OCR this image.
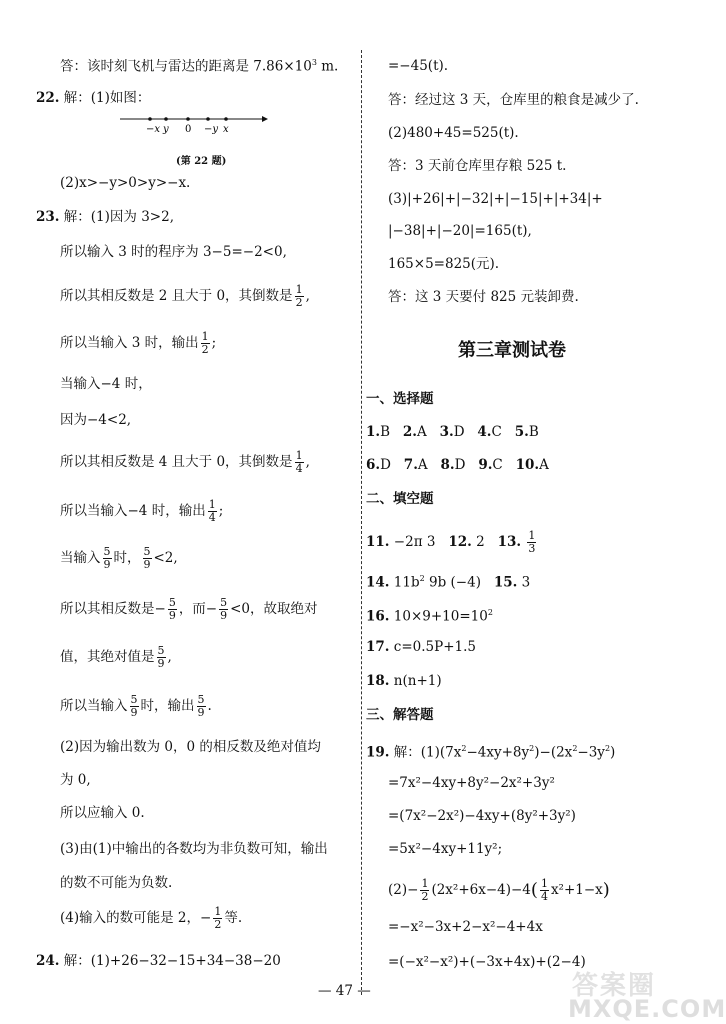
答：该时刻飞机与雷达的距离是 $7.86\times 10^3$ m.
22. 解：(1)如图：
−x y 0 −y x
(第 22 题)
(2)x>−y>0>y>−x.
23. 解：(1)因为 3>2,
所以输入 3 时的程序为 3−5=−2<0,
所以其相反数是 2 且大于 0，其倒数是 $\frac{1}{2}$ ,
所以当输入 3 时，输出 $\frac{1}{2}$ ;
当输入−4 时，
因为−4<2,
所以其相反数是 4 且大于 0，其倒数是 $\frac{1}{4}$ ,
所以当输入−4 时，输出 $\frac{1}{4}$ ;
当输入 $\frac{5}{9}$ 时， $\frac{5}{9} <2$,
所以其相反数是− $\frac{5}{9}$ ，而− $\frac{5}{9} <0$，故取绝对
值，其绝对值是 $\frac{5}{9}$ ,
所以当输入 $\frac{5}{9}$ 时，输出 $\frac{5}{9}$ .
(2)因为输出数为 0，0 的相反数及绝对值均
为 0,
所以应输入 0.
(3)由(1)中输出的各数均为非负数可知，输出
的数不可能为负数.
(4)输入的数可能是 2，− $\frac{1}{2}$ 等.
24. 解：(1)+26−32−15+34−38−20
=−45(t).
答：经过这 3 天，仓库里的粮食是减少了.
(2)480+45=525(t).
答：3 天前仓库里存粮 525 t.
(3)|+26|+|−32|+|−15|+|+34|+
|−38|+|−20|=165(t),
165×5=825(元).
答：这 3 天要付 825 元装卸费.
第三章测试卷
一、选择题
1.B 2.A 3.D 4.C 5.B
6.D 7.A 8.D 9.C 10.A
二、填空题
11. −2π 3 12. 2 13. $\frac{1}{3}$
14. $11b^2$ 9b (−4) 15. 3
16. $10\times 9+10=10^2$
17. c=0.5P+1.5
18. n(n+1)
三、解答题
19. 解：$(1)(7x^2-4xy+8y^2)-(2x^2-3y^2)$
=7x²−4xy+8y²−2x²+3y²
=(7x²−2x²)−4xy+(8y²+3y²)
=5x²−4xy+11y²;
$(2)- \frac{1}{2} (2x^2+6x-4)-4( \frac{1}{4} x^2+1-x)$
=−x²−3x+2−x²−4+4x
=(−x²−x²)+(−3x+4x)+(2−4)
— 47 —	答案圈
MXQE.COM
